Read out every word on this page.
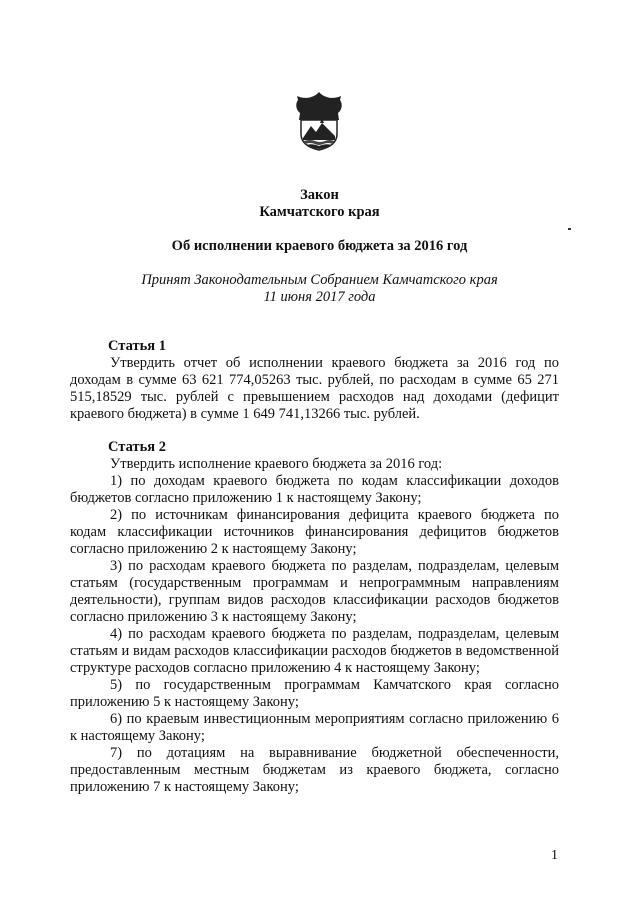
Закон
Камчатского края
Об исполнении краевого бюджета за 2016 год
Принят Законодательным Собранием Камчатского края
11 июня 2017 года

Статья 1

Утвердить отчет об исполнении краевого бюджета за 2016 год по доходам в сумме 63 621 774,05263 тыс. рублей, по расходам в сумме 65 271 515,18529 тыс. рублей с превышением расходов над доходами (дефицит краевого бюджета) в сумме 1 649 741,13266 тыс. рублей.

Статья 2

Утвердить исполнение краевого бюджета за 2016 год:

1) по доходам краевого бюджета по кодам классификации доходов бюджетов согласно приложению 1 к настоящему Закону;

2) по источникам финансирования дефицита краевого бюджета по кодам классификации источников финансирования дефицитов бюджетов согласно приложению 2 к настоящему Закону;

3) по расходам краевого бюджета по разделам, подразделам, целевым статьям (государственным программам и непрограммным направлениям деятельности), группам видов расходов классификации расходов бюджетов согласно приложению 3 к настоящему Закону;

4) по расходам краевого бюджета по разделам, подразделам, целевым статьям и видам расходов классификации расходов бюджетов в ведомственной структуре расходов согласно приложению 4 к настоящему Закону;

5) по государственным программам Камчатского края согласно приложению 5 к настоящему Закону;

6) по краевым инвестиционным мероприятиям согласно приложению 6 к настоящему Закону;

7) по дотациям на выравнивание бюджетной обеспеченности, предоставленным местным бюджетам из краевого бюджета, согласно приложению 7 к настоящему Закону;

1
